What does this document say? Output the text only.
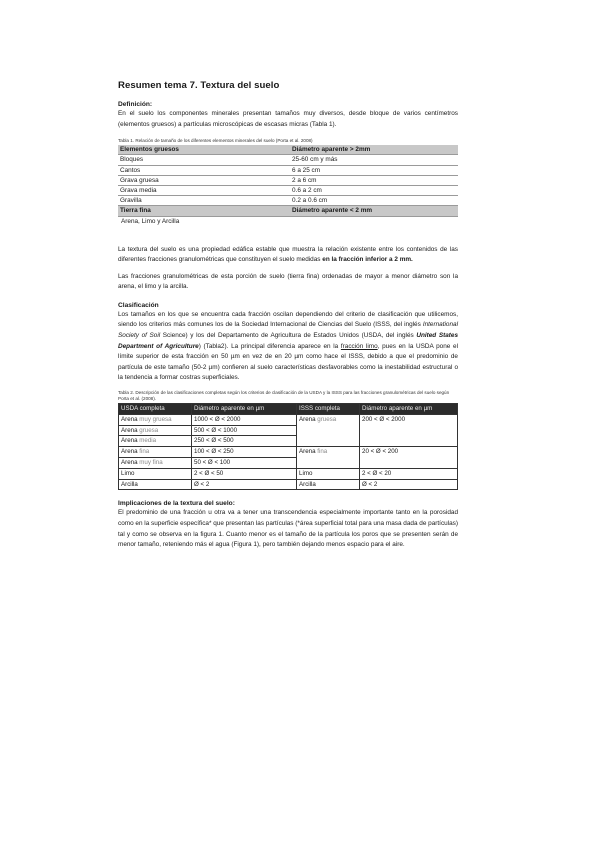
Resumen tema 7. Textura del suelo
Definición:

En el suelo los componentes minerales presentan tamaños muy diversos, desde bloque de varios centímetros (elementos gruesos) a partículas microscópicas de escasas micras (Tabla 1).

Tabla 1. Relación de tamaño de los diferentes elementos minerales del suelo (Porta et al. 2008)
Elementos gruesos	Diámetro aparente > 2mm
Bloques	25-60 cm y más
Cantos	6 a 25 cm
Grava gruesa	2 a 6 cm
Grava media	0.6 a 2 cm
Gravilla	0.2 a 0.6 cm
Tierra fina	Diámetro aparente < 2 mm
Arena, Limo y Arcilla

La textura del suelo es una propiedad edáfica estable que muestra la relación existente entre los contenidos de las diferentes fracciones granulométricas que constituyen el suelo medidas en la fracción inferior a 2 mm.

Las fracciones granulométricas de esta porción de suelo (tierra fina) ordenadas de mayor a menor diámetro son la arena, el limo y la arcilla.

Clasificación

Los tamaños en los que se encuentra cada fracción oscilan dependiendo del criterio de clasificación que utilicemos, siendo los criterios más comunes los de la Sociedad Internacional de Ciencias del Suelo (ISSS, del inglés International Society of Soil Science) y los del Departamento de Agricultura de Estados Unidos (USDA, del inglés United States Department of Agriculture) (Tabla2). La principal diferencia aparece en la fracción limo, pues en la USDA pone el límite superior de esta fracción en 50 µm en vez de en 20 µm como hace el ISSS, debido a que el predominio de partícula de este tamaño (50-2 µm) confieren al suelo características desfavorables como la inestabilidad estructural o la tendencia a formar costras superficiales.

Tabla 2. Descripción de las clasificaciones completas según los criterios de clasificación de la USDA y la ISSS para las fracciones granulométricas del suelo según Porta et al. (2008).
USDA completa	Diámetro aparente en µm	ISSS completa	Diámetro aparente en µm
Arena muy gruesa	1000 < Ø < 2000	Arena gruesa	200 < Ø < 2000
Arena gruesa	500 < Ø < 1000		
Arena media	250 < Ø < 500		
Arena fina	100 < Ø < 250	Arena fina	20 < Ø < 200
Arena muy fina	50 < Ø < 100		
Limo	2 < Ø < 50	Limo	2 < Ø < 20
Arcilla	Ø < 2	Arcilla	Ø < 2
Implicaciones de la textura del suelo:

El predominio de una fracción u otra va a tener una transcendencia especialmente importante tanto en la porosidad como en la superficie específica* que presentan las partículas (*área superficial total para una masa dada de partículas) tal y como se observa en la figura 1. Cuanto menor es el tamaño de la partícula los poros que se presenten serán de menor tamaño, reteniendo más el agua (Figura 1), pero también dejando menos espacio para el aire.
